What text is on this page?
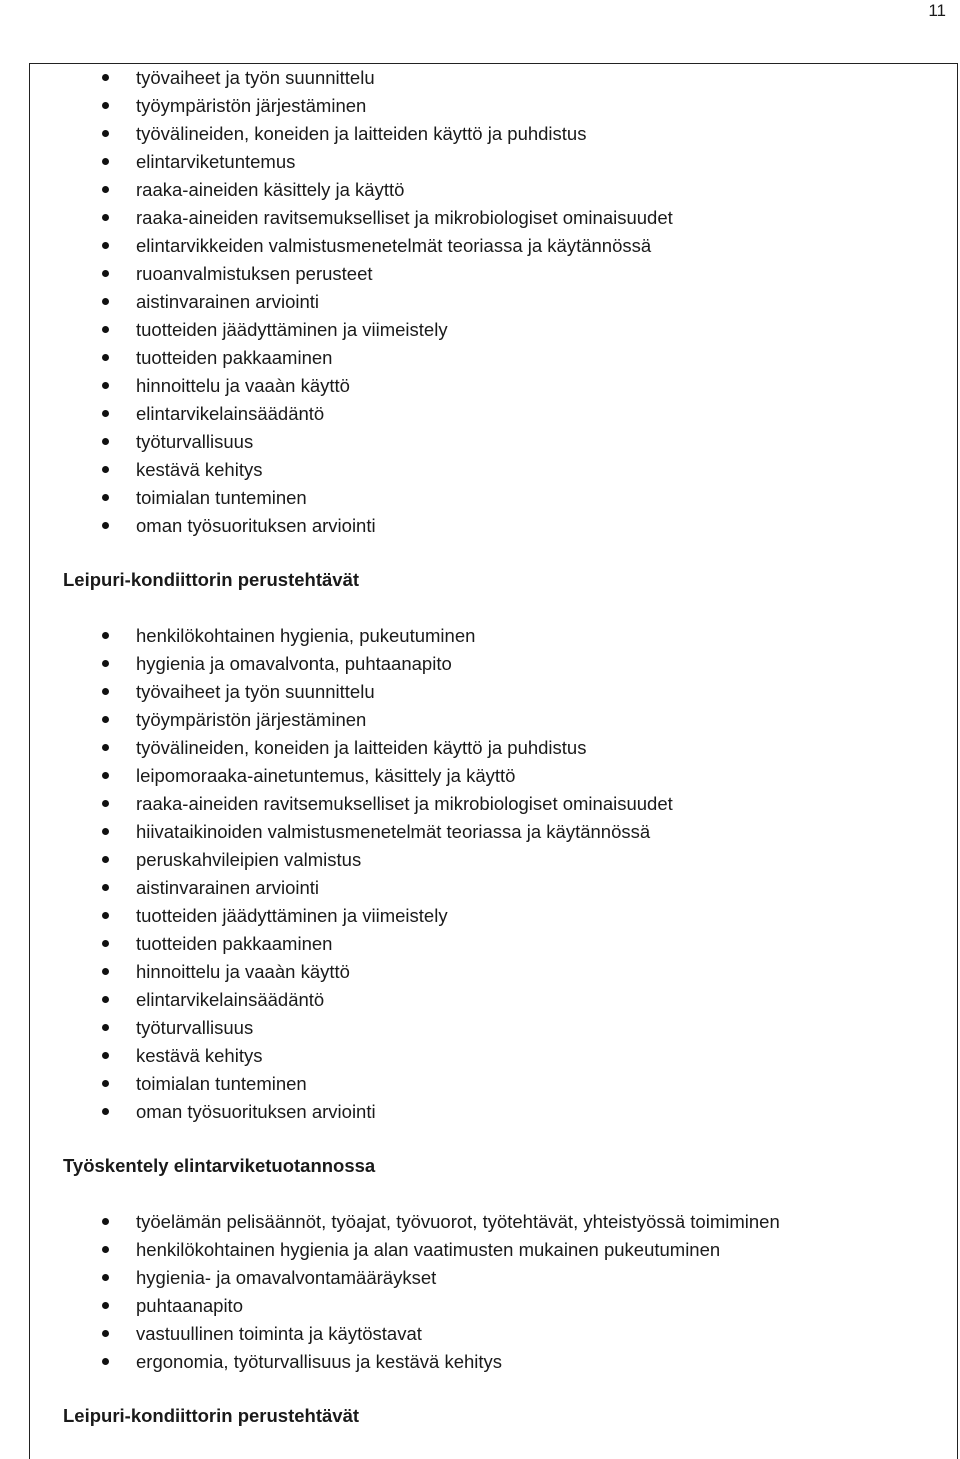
11
työvaiheet ja työn suunnittelu
työympäristön järjestäminen
työvälineiden, koneiden ja laitteiden käyttö ja puhdistus
elintarviketuntemus
raaka-aineiden käsittely ja käyttö
raaka-aineiden ravitsemukselliset ja mikrobiologiset ominaisuudet
elintarvikkeiden valmistusmenetelmät teoriassa ja käytännössä
ruoanvalmistuksen perusteet
aistinvarainen arviointi
tuotteiden jäädyttäminen ja viimeistely
tuotteiden pakkaaminen
hinnoittelu ja vaaàn käyttö
elintarvikelainsäädäntö
työturvallisuus
kestävä kehitys
toimialan tunteminen
oman työsuorituksen arviointi
Leipuri-kondiittorin perustehtävät
henkilökohtainen hygienia, pukeutuminen
hygienia ja omavalvonta, puhtaanapito
työvaiheet ja työn suunnittelu
työympäristön järjestäminen
työvälineiden, koneiden ja laitteiden käyttö ja puhdistus
leipomoraaka-ainetuntemus, käsittely ja käyttö
raaka-aineiden ravitsemukselliset ja mikrobiologiset ominaisuudet
hiivataikinoiden valmistusmenetelmät teoriassa ja käytännössä
peruskahvileipien valmistus
aistinvarainen arviointi
tuotteiden jäädyttäminen ja viimeistely
tuotteiden pakkaaminen
hinnoittelu ja vaaàn käyttö
elintarvikelainsäädäntö
työturvallisuus
kestävä kehitys
toimialan tunteminen
oman työsuorituksen arviointi
Työskentely elintarviketuotannossa
työelämän pelisäännöt, työajat, työvuorot, työtehtävät, yhteistyössä toimiminen
henkilökohtainen hygienia ja alan vaatimusten mukainen pukeutuminen
hygienia- ja omavalvontamääräykset
puhtaanapito
vastuullinen toiminta ja käytöstavat
ergonomia, työturvallisuus ja kestävä kehitys
Leipuri-kondiittorin perustehtävät
